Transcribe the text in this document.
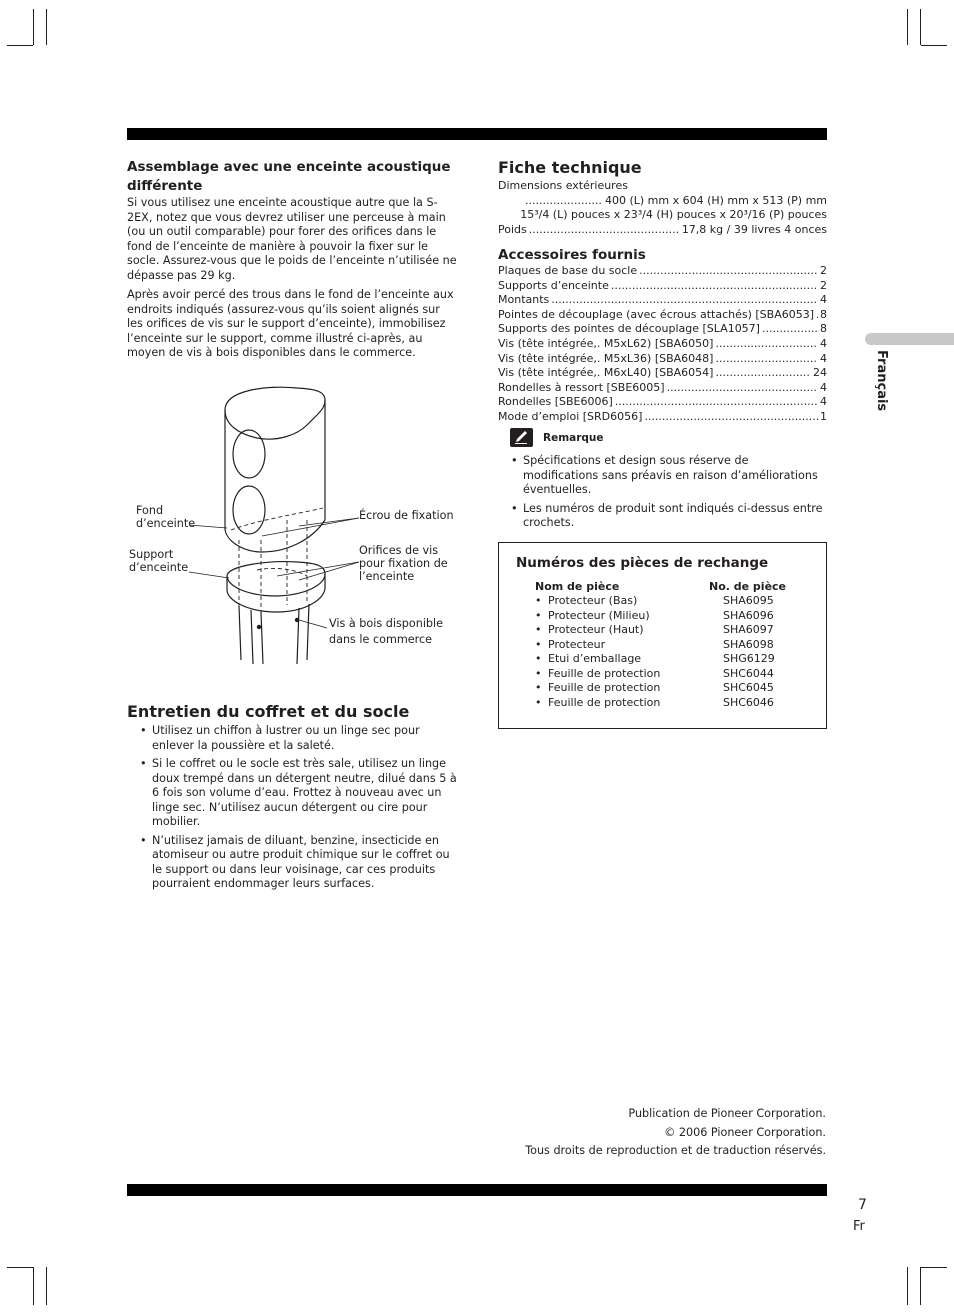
Assemblage avec une enceinte acoustique différente

Si vous utilisez une enceinte acoustique autre que la S-2EX, notez que vous devrez utiliser une perceuse à main (ou un outil comparable) pour forer des orifices dans le fond de l’enceinte de manière à pouvoir la fixer sur le socle. Assurez-vous que le poids de l’enceinte n’utilisée ne dépasse pas 29 kg.
Après avoir percé des trous dans le fond de l’enceinte aux endroits indiqués (assurez-vous qu’ils soient alignés sur les orifices de vis sur le support d’enceinte), immobilisez l’enceinte sur le support, comme illustré ci-après, au moyen de vis à bois disponibles dans le commerce.
Fond d’enceinte
Support d’enceinte
Écrou de fixation
Orifices de vis pour fixation de l’enceinte
Vis à bois disponible dans le commerce

Entretien du coffret et du socle

• Utilisez un chiffon à lustrer ou un linge sec pour enlever la poussière et la saleté.
• Si le coffret ou le socle est très sale, utilisez un linge doux trempé dans un détergent neutre, dilué dans 5 à 6 fois son volume d’eau. Frottez à nouveau avec un linge sec. N’utilisez aucun détergent ou cire pour mobilier.
• N’utilisez jamais de diluant, benzine, insecticide en atomiseur ou autre produit chimique sur le coffret ou le support ou dans leur voisinage, car ces produits pourraient endommager leurs surfaces.

Fiche technique

Dimensions extérieures
.....
400 (L) mm x 604 (H) mm x 513 (P) mm
15³/4 (L) pouces x 23³/4 (H) pouces x 20³/16 (P) pouces
Poids .....	17,8 kg / 39 livres 4 onces

Accessoires fournis

Plaques de base du socle .....	2
Supports d’enceinte .....	2
Montants .....	4
Pointes de découplage (avec écrous attachés) [SBA6053] ..... 8
Supports des pointes de découplage [SLA1057] .....	8
Vis (tête intégrée,. M5xL62) [SBA6050] .....	4
Vis (tête intégrée,. M5xL36) [SBA6048] .....	4
Vis (tête intégrée,. M6xL40) [SBA6054] .....	24
Rondelles à ressort [SBE6005] .....	4
Rondelles [SBE6006] .....	4
Mode d’emploi [SRD6056] .....	1
Remarque
• Spécifications et design sous réserve de modifications sans préavis en raison d’améliorations éventuelles.
• Les numéros de produit sont indiqués ci-dessus entre crochets.
Numéros des pièces de rechange
Nom de pièce	No. de pièce
• Protecteur (Bas)	SHA6095
• Protecteur (Milieu)	SHA6096
• Protecteur (Haut)	SHA6097
• Protecteur	SHA6098
• Etui d’emballage	SHG6129
• Feuille de protection	SHC6044
• Feuille de protection	SHC6045
• Feuille de protection	SHC6046
Français
Publication de Pioneer Corporation.
© 2006 Pioneer Corporation.
Tous droits de reproduction et de traduction réservés.
7
Fr
